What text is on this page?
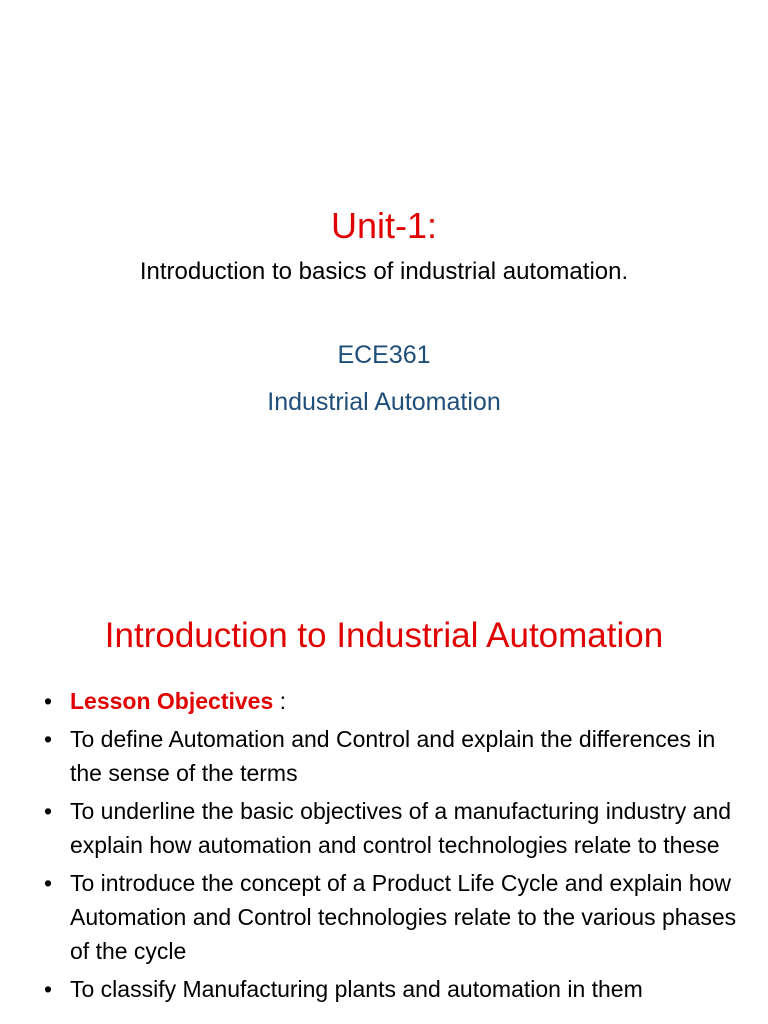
Unit-1:
Introduction to basics of industrial automation.
ECE361
Industrial Automation
Introduction to Industrial Automation
• Lesson Objectives :
• To define Automation and Control and explain the differences in the sense of the terms
• To underline the basic objectives of a manufacturing industry and explain how automation and control technologies relate to these
• To introduce the concept of a Product Life Cycle and explain how Automation and Control technologies relate to the various phases of the cycle
• To classify Manufacturing plants and automation in them
